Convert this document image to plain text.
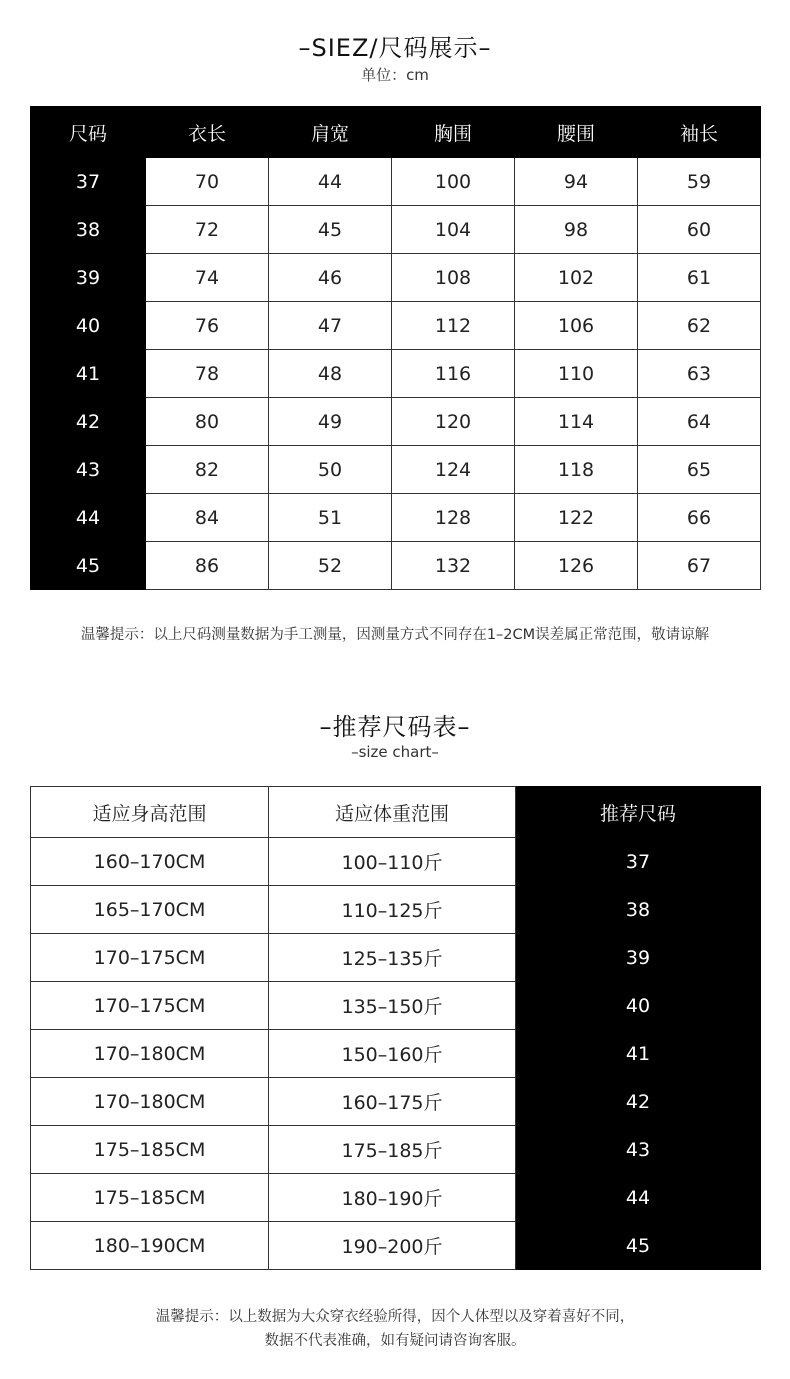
–SIEZ/尺码展示–
单位：cm
尺码	衣长	肩宽	胸围	腰围	袖长
37	70	44	100	94	59
38	72	45	104	98	60
39	74	46	108	102	61
40	76	47	112	106	62
41	78	48	116	110	63
42	80	49	120	114	64
43	82	50	124	118	65
44	84	51	128	122	66
45	86	52	132	126	67
温馨提示：以上尺码测量数据为手工测量，因测量方式不同存在1–2CM误差属正常范围，敬请谅解
–推荐尺码表–
–size chart–
适应身高范围	适应体重范围	推荐尺码
160–170CM	100–110斤	37
165–170CM	110–125斤	38
170–175CM	125–135斤	39
170–175CM	135–150斤	40
170–180CM	150–160斤	41
170–180CM	160–175斤	42
175–185CM	175–185斤	43
175–185CM	180–190斤	44
180–190CM	190–200斤	45
温馨提示：以上数据为大众穿衣经验所得，因个人体型以及穿着喜好不同，
数据不代表准确，如有疑问请咨询客服。
